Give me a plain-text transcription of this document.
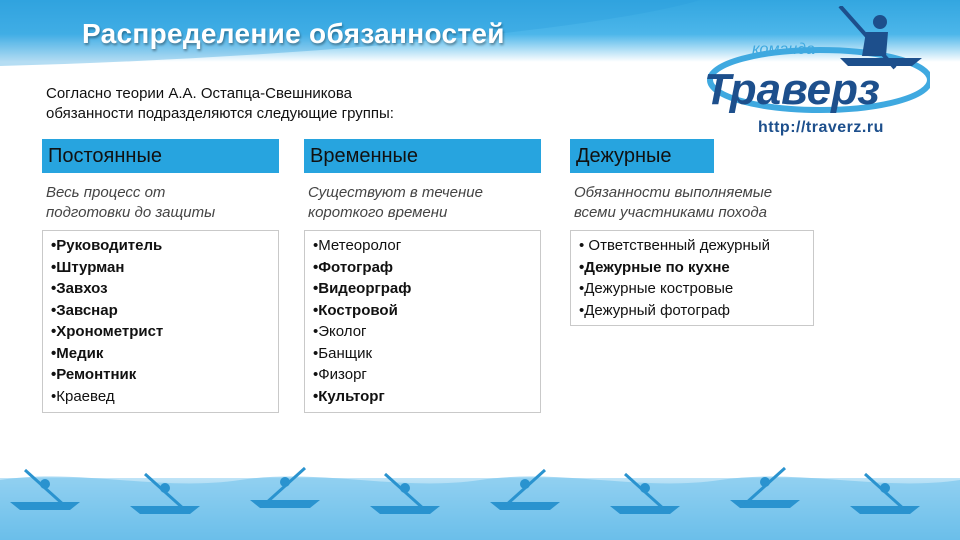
Распределение обязанностей
Согласно теории А.А. Остапца-Свешникова
обязанности подразделяются следующие группы:
команда
Траверз
http://traverz.ru
Постоянные
Весь процесс от
подготовки до защиты
•Руководитель
•Штурман
•Завхоз
•Завснар
•Хронометрист
•Медик
•Ремонтник
•Краевед
Временные
Существуют в течение
короткого времени
•Метеоролог
•Фотограф
•Видеорграф
•Костровой
•Эколог
•Банщик
•Физорг
•Культорг
Дежурные
Обязанности выполняемые
всеми участниками похода
• Ответственный дежурный
•Дежурные по кухне
•Дежурные костровые
•Дежурный фотограф
